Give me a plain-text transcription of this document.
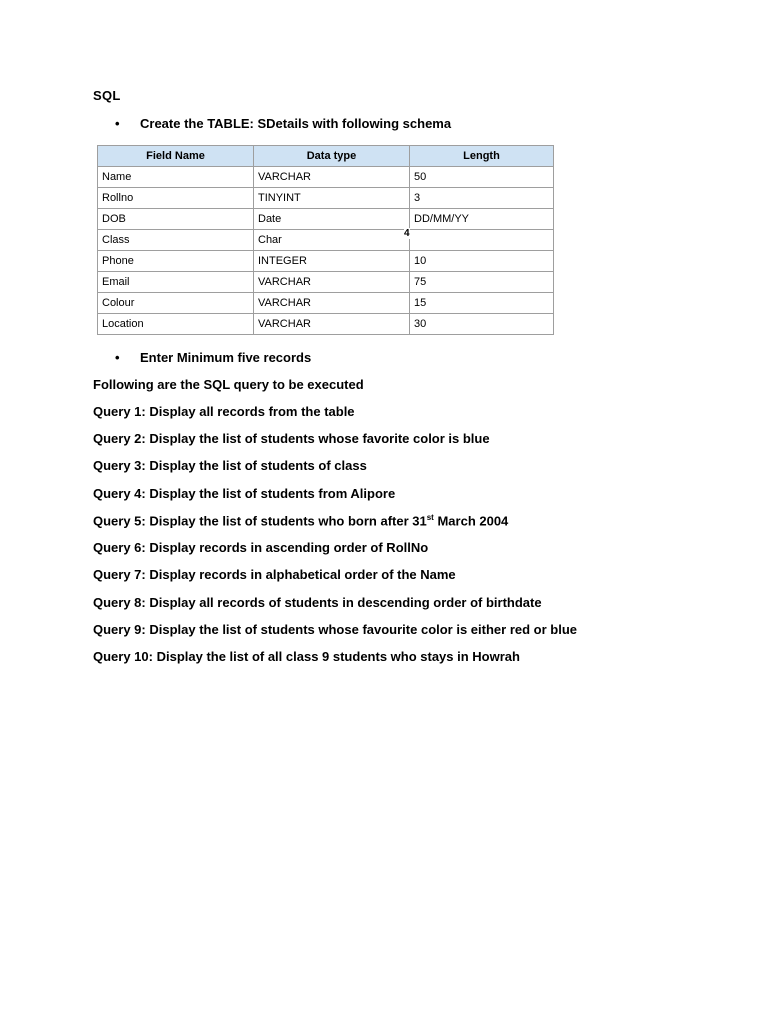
SQL
• Create the TABLE: SDetails with following schema
Field Name	Data type	Length
Name	VARCHAR	50
Rollno	TINYINT	3
DOB	Date	DD/MM/YY
Class	Char	
Phone	INTEGER	10
Email	VARCHAR	75
Colour	VARCHAR	15
Location	VARCHAR	30
4
• Enter Minimum five records
Following are the SQL query to be executed
Query 1: Display all records from the table
Query 2: Display the list of students whose favorite color is blue
Query 3: Display the list of students of class
Query 4: Display the list of students from Alipore
Query 5: Display the list of students who born after 31st March 2004
Query 6: Display records in ascending order of RollNo
Query 7: Display records in alphabetical order of the Name
Query 8: Display all records of students in descending order of birthdate
Query 9: Display the list of students whose favourite color is either red or blue
Query 10: Display the list of all class 9 students who stays in Howrah
